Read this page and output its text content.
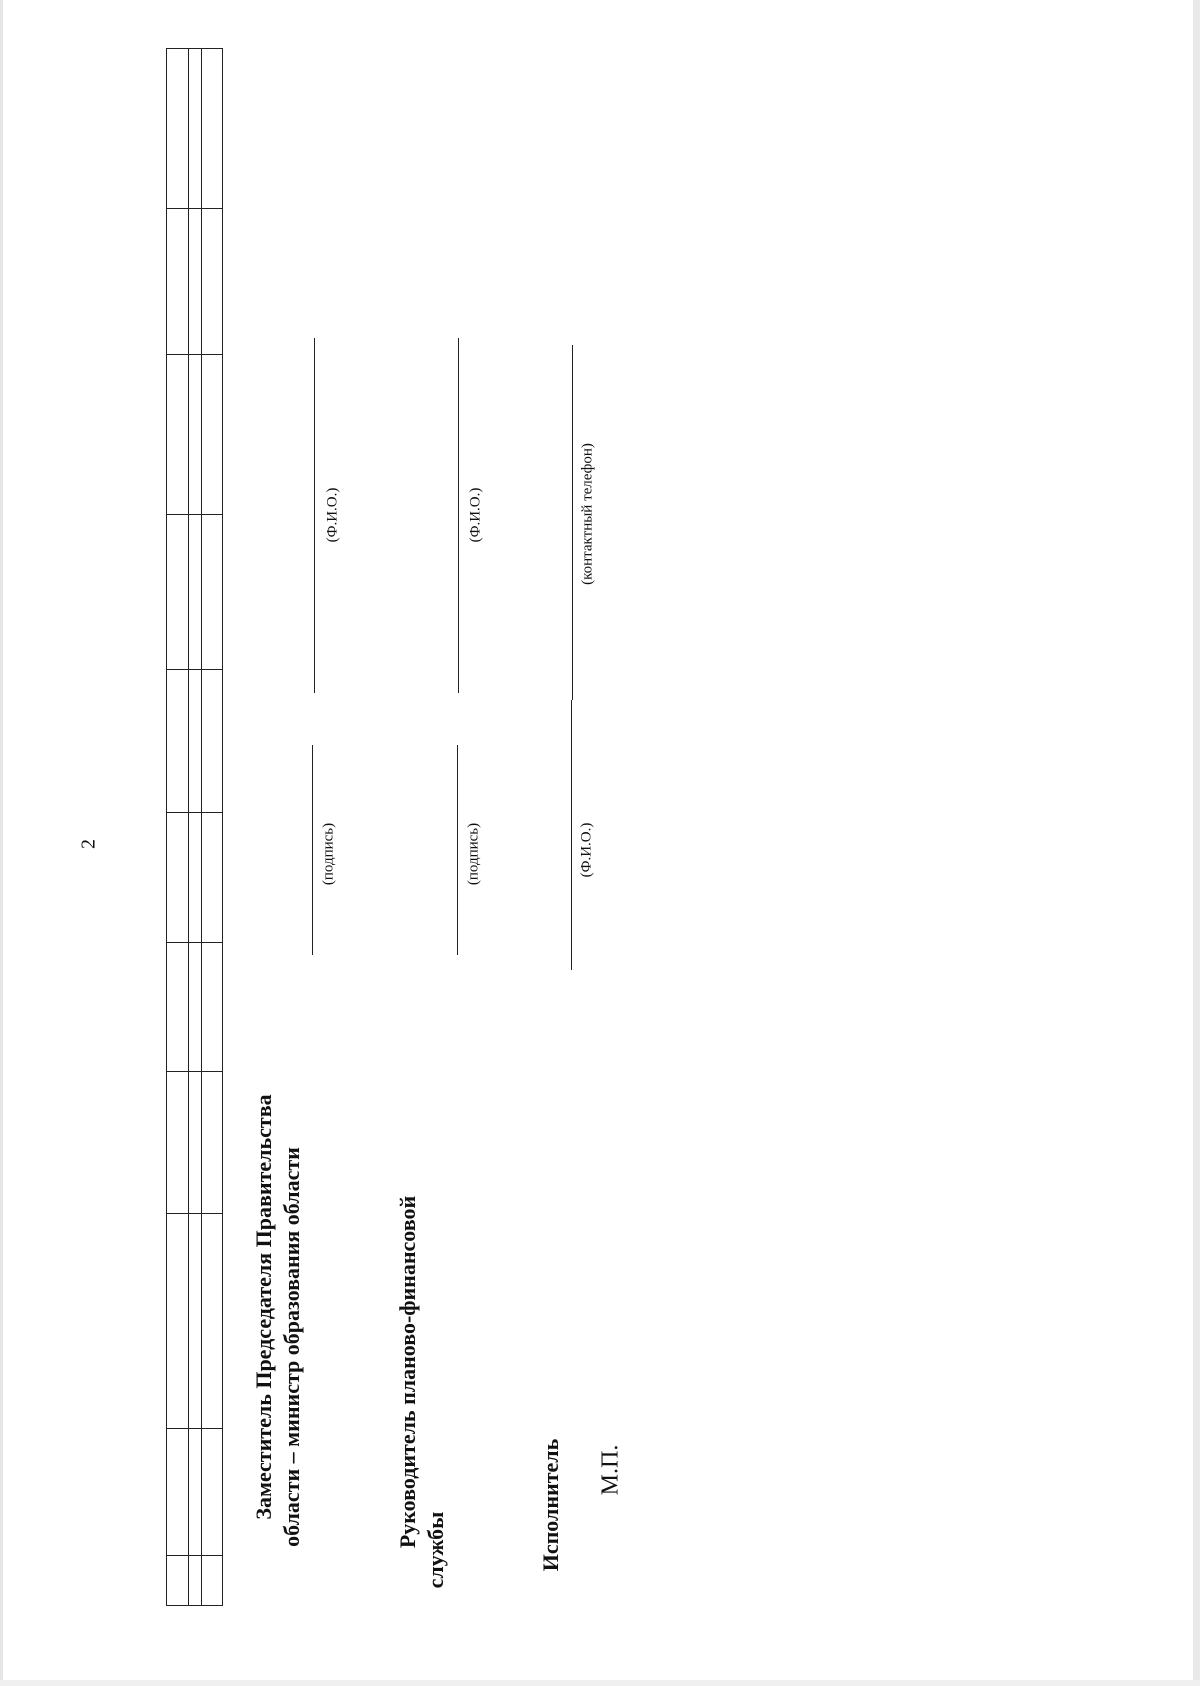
2
Заместитель Председателя Правительства области – министр образования области
(подпись)
(Ф.И.О.)
Руководитель планово-финансовой
службы
(подпись)
(Ф.И.О.)
Исполнитель
(Ф.И.О.)
(контактный телефон)
М.П.
